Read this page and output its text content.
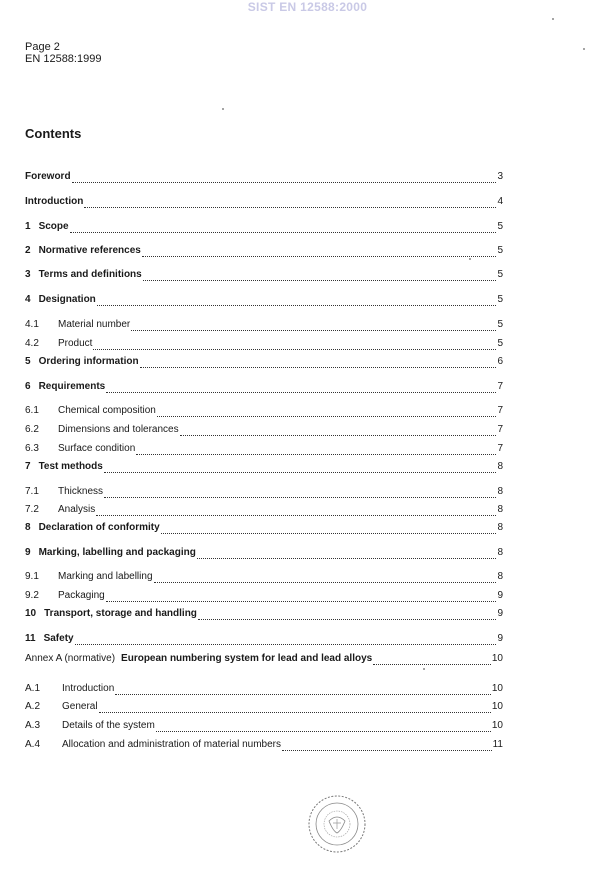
SIST EN 12588:2000
Page 2
EN 12588:1999
Contents
Foreword	3
Introduction	4
1 Scope	5
2 Normative references	5
3 Terms and definitions	5
4 Designation	5
4.1	Material number	5
4.2	Product	5
5 Ordering information	6
6 Requirements	7
6.1	Chemical composition	7
6.2	Dimensions and tolerances	7
6.3	Surface condition	7
7 Test methods	8
7.1	Thickness	8
7.2	Analysis	8
8 Declaration of conformity	8
9 Marking, labelling and packaging	8
9.1	Marking and labelling	8
9.2	Packaging	9
10 Transport, storage and handling	9
11 Safety	9
Annex A (normative) European numbering system for lead and lead alloys	10
A.1	Introduction	10
A.2	General	10
A.3	Details of the system	10
A.4	Allocation and administration of material numbers	11
